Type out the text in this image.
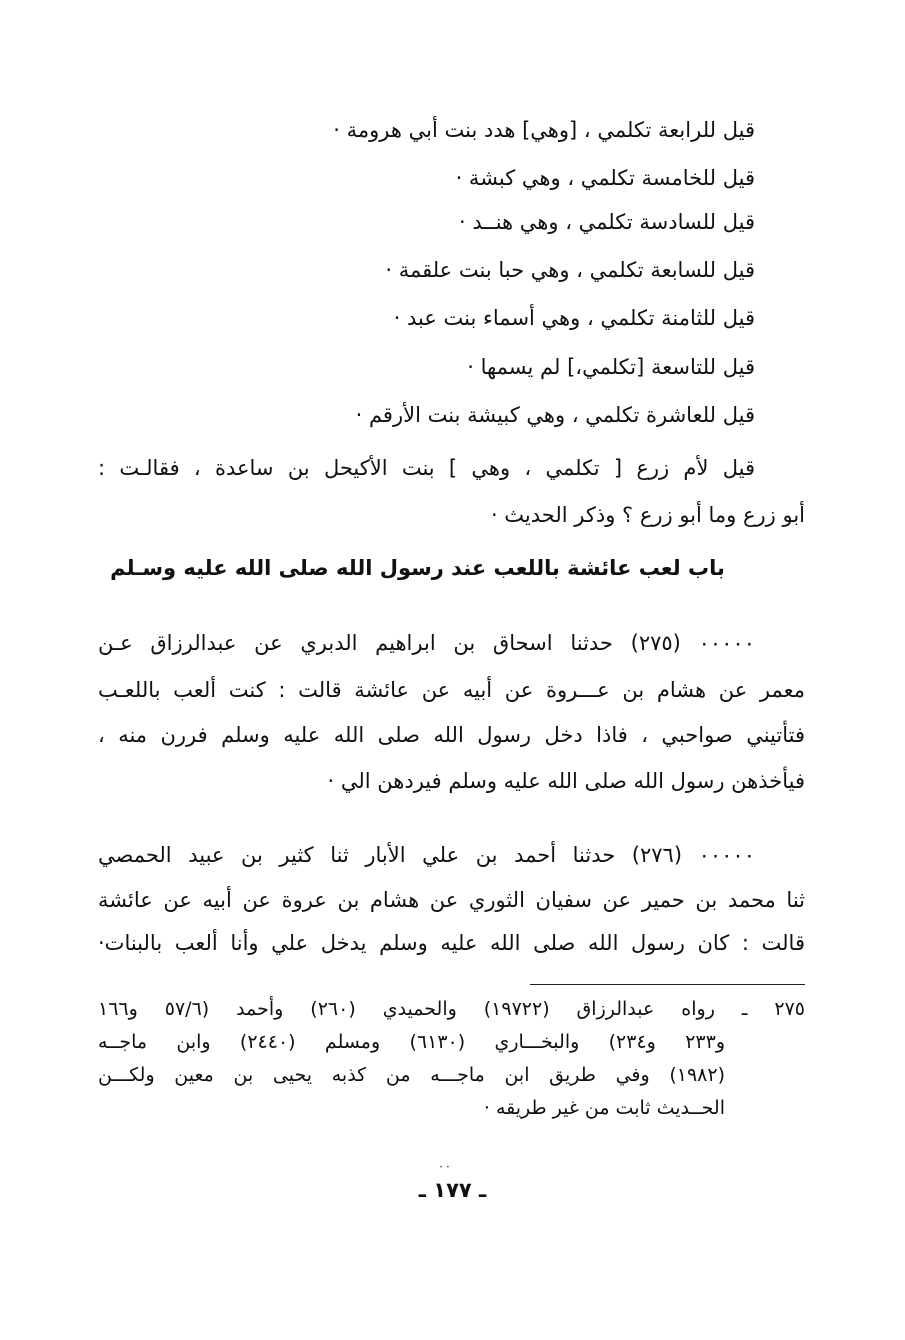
قيل للرابعة تكلمي ، [وهي] هدد بنت أبي هرومة ·
قيل للخامسة تكلمي ، وهي كبشة ·
قيل للسادسة تكلمي ، وهي هنــد ·
قيل للسابعة تكلمي ، وهي حبا بنت علقمة ·
قيل للثامنة تكلمي ، وهي أسماء بنت عبد ·
قيل للتاسعة [تكلمي،] لم يسمها ·
قيل للعاشرة تكلمي ، وهي كبيشة بنت الأرقم ·
قيل لأم زرع [ تكلمي ، وهي ] بنت الأكيحل بن ساعدة ، فقالـت :
أبو زرع وما أبو زرع ؟ وذكر الحديث ·
باب لعب عائشة باللعب عند رسول الله صلى الله عليه وسـلم
٠٠٠٠٠ (٢٧٥) حدثنا اسحاق بن ابراهيم الدبري عن عبدالرزاق عـن
معمر عن هشام بن عـــروة عن أبيه عن عائشة قالت : كنت ألعب باللعـب
فتأتيني صواحبي ، فاذا دخل رسول الله صلى الله عليه وسلم فررن منه ،
فيأخذهن رسول الله صلى الله عليه وسلم فيردهن الي ·
٠٠٠٠٠ (٢٧٦) حدثنا أحمد بن علي الأبار ثنا كثير بن عبيد الحمصي
ثنا محمد بن حمير عن سفيان الثوري عن هشام بن عروة عن أبيه عن عائشة
قالت : كان رسول الله صلى الله عليه وسلم يدخل علي وأنا ألعب بالبنات·
٢٧٥ ـ رواه عبدالرزاق (١٩٧٢٢) والحميدي (٢٦٠) وأحمد (٥٧/٦ و١٦٦
و٢٣٣ و٢٣٤) والبخـــاري (٦١٣٠) ومسلم (٢٤٤٠) وابن ماجــه
(١٩٨٢) وفي طريق ابن ماجـــه من كذبه يحيى بن معين ولكـــن
الحــديث ثابت من غير طريقه ·
··
ـ ١٧٧ ـ
